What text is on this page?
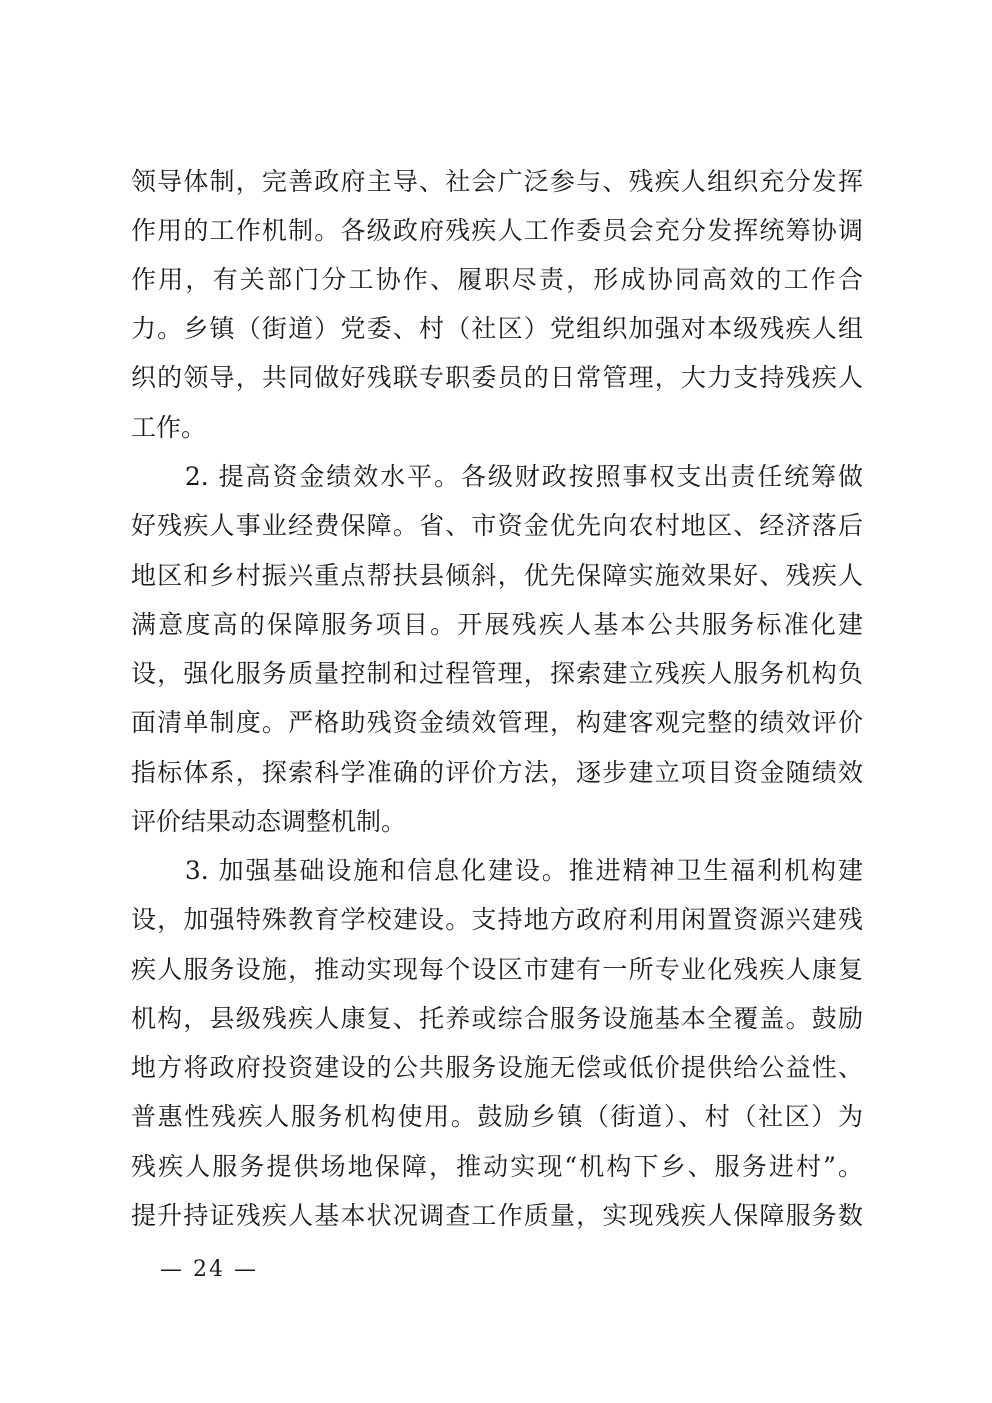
领导体制，完善政府主导、社会广泛参与、残疾人组织充分发挥
作用的工作机制。各级政府残疾人工作委员会充分发挥统筹协调
作用，有关部门分工协作、履职尽责，形成协同高效的工作合
力。乡镇（街道）党委、村（社区）党组织加强对本级残疾人组
织的领导，共同做好残联专职委员的日常管理，大力支持残疾人
工作。
　　2. 提高资金绩效水平。各级财政按照事权支出责任统筹做
好残疾人事业经费保障。省、市资金优先向农村地区、经济落后
地区和乡村振兴重点帮扶县倾斜，优先保障实施效果好、残疾人
满意度高的保障服务项目。开展残疾人基本公共服务标准化建
设，强化服务质量控制和过程管理，探索建立残疾人服务机构负
面清单制度。严格助残资金绩效管理，构建客观完整的绩效评价
指标体系，探索科学准确的评价方法，逐步建立项目资金随绩效
评价结果动态调整机制。
　　3. 加强基础设施和信息化建设。推进精神卫生福利机构建
设，加强特殊教育学校建设。支持地方政府利用闲置资源兴建残
疾人服务设施，推动实现每个设区市建有一所专业化残疾人康复
机构，县级残疾人康复、托养或综合服务设施基本全覆盖。鼓励
地方将政府投资建设的公共服务设施无偿或低价提供给公益性、
普惠性残疾人服务机构使用。鼓励乡镇（街道）、村（社区）为
残疾人服务提供场地保障，推动实现“机构下乡、服务进村”。
提升持证残疾人基本状况调查工作质量，实现残疾人保障服务数
— 24 —
